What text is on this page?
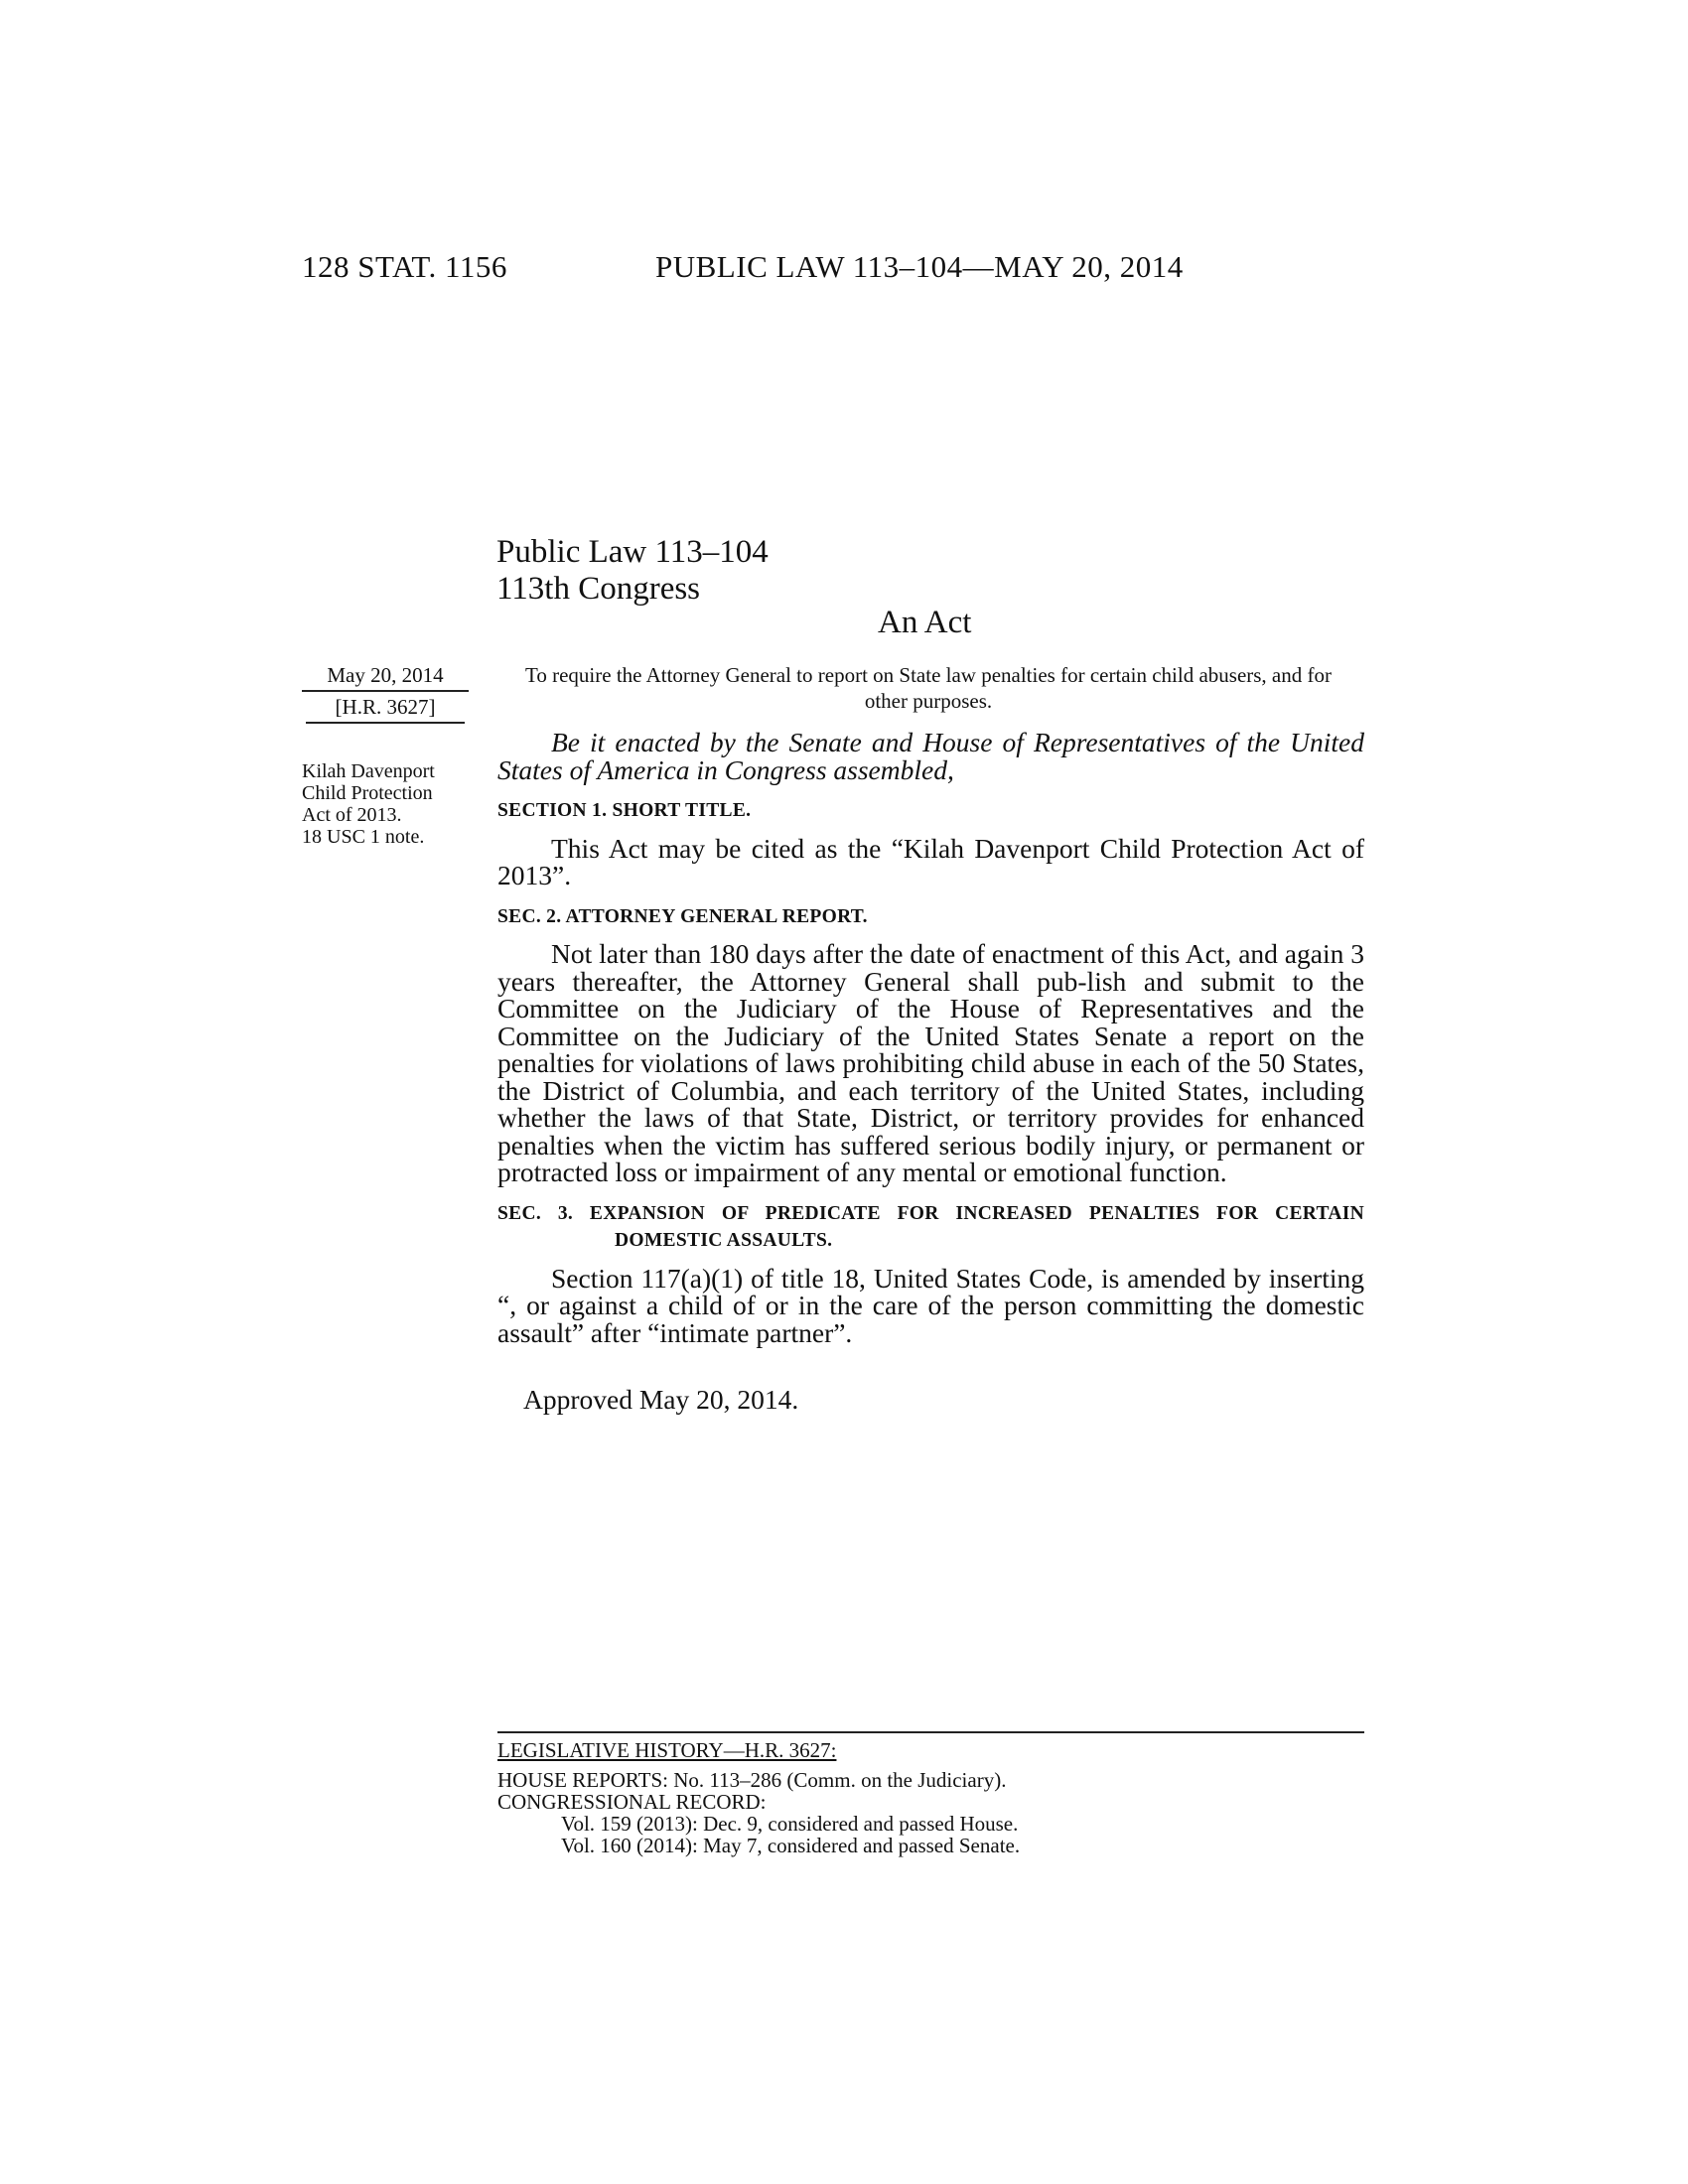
128 STAT. 1156	PUBLIC LAW 113–104—MAY 20, 2014
Public Law 113–104
113th Congress
An Act
May 20, 2014
[H.R. 3627]
Kilah Davenport
Child Protection
Act of 2013.
18 USC 1 note.
To require the Attorney General to report on State law penalties for certain child abusers, and for other purposes.

Be it enacted by the Senate and House of Representatives of the United States of America in Congress assembled,

SECTION 1. SHORT TITLE.

This Act may be cited as the “Kilah Davenport Child Protection Act of 2013”.

SEC. 2. ATTORNEY GENERAL REPORT.

Not later than 180 days after the date of enactment of this Act, and again 3 years thereafter, the Attorney General shall pub-lish and submit to the Committee on the Judiciary of the House of Representatives and the Committee on the Judiciary of the United States Senate a report on the penalties for violations of laws prohibiting child abuse in each of the 50 States, the District of Columbia, and each territory of the United States, including whether the laws of that State, District, or territory provides for enhanced penalties when the victim has suffered serious bodily injury, or permanent or protracted loss or impairment of any mental or emotional function.

SEC. 3. EXPANSION OF PREDICATE FOR INCREASED PENALTIES FOR CERTAIN DOMESTIC ASSAULTS.

Section 117(a)(1) of title 18, United States Code, is amended by inserting “, or against a child of or in the care of the person committing the domestic assault” after “intimate partner”.

Approved May 20, 2014.

LEGISLATIVE HISTORY—H.R. 3627:
HOUSE REPORTS: No. 113–286 (Comm. on the Judiciary).
CONGRESSIONAL RECORD:
Vol. 159 (2013): Dec. 9, considered and passed House.
Vol. 160 (2014): May 7, considered and passed Senate.
